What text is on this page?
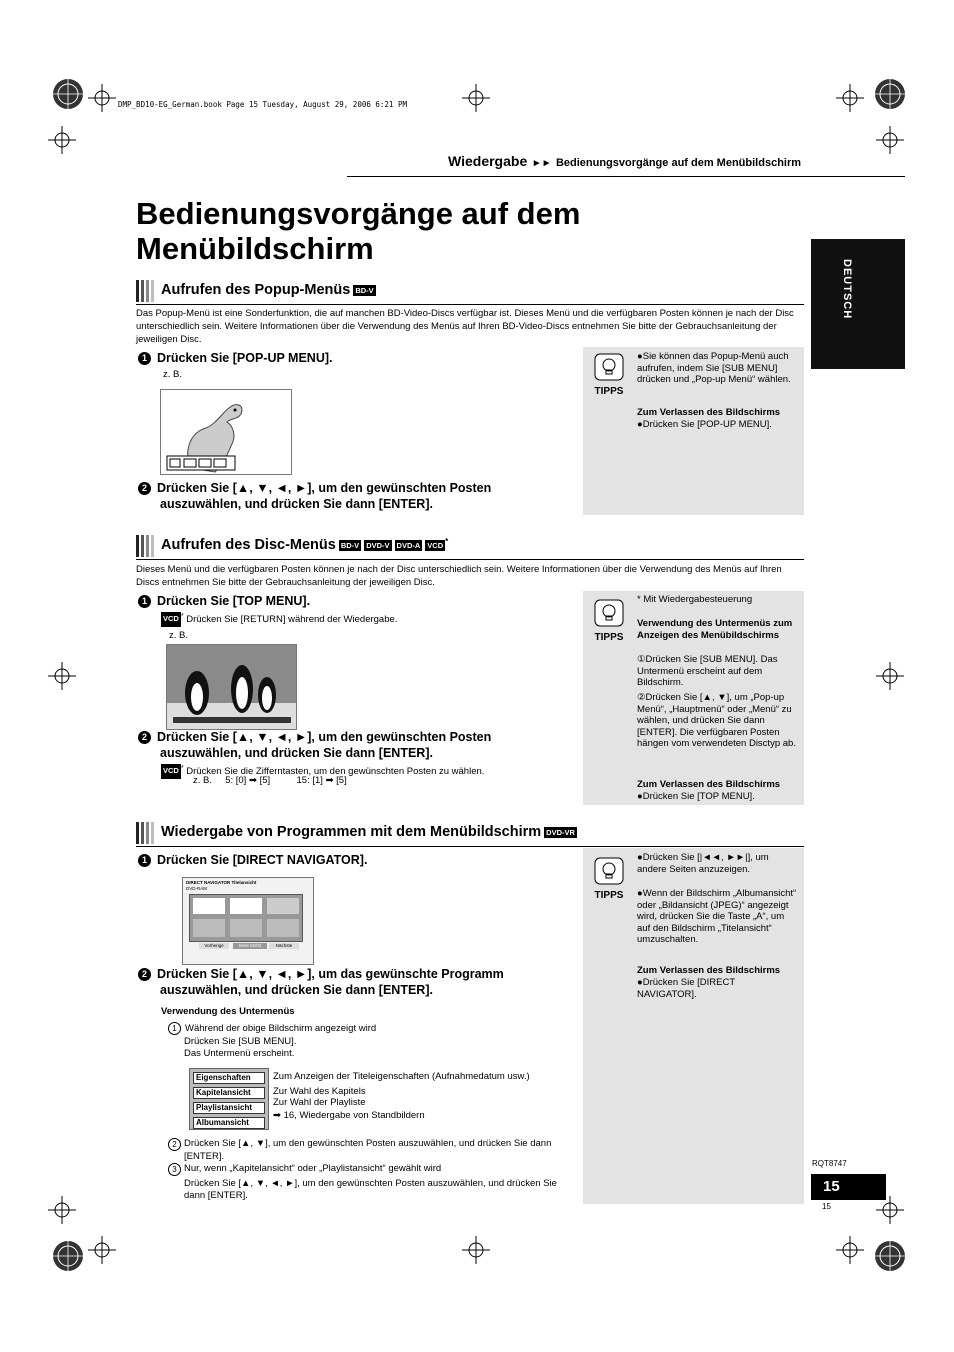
DMP_BD10-EG_German.book Page 15 Tuesday, August 29, 2006 6:21 PM
Wiedergabe ►► Bedienungsvorgänge auf dem Menübildschirm
Bedienungsvorgänge auf dem
Menübildschirm
DEUTSCH
Aufrufen des Popup-Menüs BD-V
Das Popup-Menü ist eine Sonderfunktion, die auf manchen BD-Video-Discs verfügbar ist. Dieses Menü und die verfügbaren Posten können je nach der Disc unterschiedlich sein. Weitere Informationen über die Verwendung des Menüs auf Ihren BD-Video-Discs entnehmen Sie bitte der Gebrauchsanleitung der jeweiligen Disc.
1 Drücken Sie [POP-UP MENU].
z. B.
2 Drücken Sie [▲, ▼, ◄, ►], um den gewünschten Posten
auszuwählen, und drücken Sie dann [ENTER].
TIPPS
●Sie können das Popup-Menü auch aufrufen, indem Sie [SUB MENU] drücken und „Pop-up Menü“ wählen.
Zum Verlassen des Bildschirms
●Drücken Sie [POP-UP MENU].
Aufrufen des Disc-Menüs BD-V DVD-V DVD-A VCD *
Dieses Menü und die verfügbaren Posten können je nach der Disc unterschiedlich sein. Weitere Informationen über die Verwendung des Menüs auf Ihren Discs entnehmen Sie bitte der Gebrauchsanleitung der jeweiligen Disc.
1 Drücken Sie [TOP MENU].
VCD * Drücken Sie [RETURN] während der Wiedergabe.
z. B.
2 Drücken Sie [▲, ▼, ◄, ►], um den gewünschten Posten
auszuwählen, und drücken Sie dann [ENTER].
VCD * Drücken Sie die Zifferntasten, um den gewünschten Posten zu wählen.
z. B.     5: [0] ➡ [5]          15: [1] ➡ [5]
TIPPS
* Mit Wiedergabesteuerung
Verwendung des Untermenüs zum Anzeigen des Menübildschirms
①Drücken Sie [SUB MENU]. Das Untermenü erscheint auf dem Bildschirm.
②Drücken Sie [▲, ▼], um „Pop-up Menü“, „Hauptmenü“ oder „Menü“ zu wählen, und drücken Sie dann [ENTER]. Die verfügbaren Posten hängen vom verwendeten Disctyp ab.
Zum Verlassen des Bildschirms
●Drücken Sie [TOP MENU].
Wiedergabe von Programmen mit dem Menübildschirm DVD-VR
1 Drücken Sie [DIRECT NAVIGATOR].
DIRECT NAVIGATOR Titelansicht
DVD-RAM
Vorherige	Seite 02/02	Nächste
2 Drücken Sie [▲, ▼, ◄, ►], um das gewünschte Programm
auszuwählen, und drücken Sie dann [ENTER].
Verwendung des Untermenüs
1 Während der obige Bildschirm angezeigt wird
Drücken Sie [SUB MENU].
Das Untermenü erscheint.
Eigenschaften
Kapitelansicht
Playlistansicht
Albumansicht
Zum Anzeigen der Titeleigenschaften (Aufnahmedatum usw.)
Zur Wahl des Kapitels
Zur Wahl der Playliste
➡ 16, Wiedergabe von Standbildern
2 Drücken Sie [▲, ▼], um den gewünschten Posten auszuwählen, und drücken Sie dann [ENTER].
3 Nur, wenn „Kapitelansicht“ oder „Playlistansicht“ gewählt wird
Drücken Sie [▲, ▼, ◄, ►], um den gewünschten Posten auszuwählen, und drücken Sie dann [ENTER].
TIPPS
●Drücken Sie [|◄◄, ►►|], um andere Seiten anzuzeigen.
●Wenn der Bildschirm „Albumansicht“ oder „Bildansicht (JPEG)“ angezeigt wird, drücken Sie die Taste „A“, um auf den Bildschirm „Titelansicht“ umzuschalten.
Zum Verlassen des Bildschirms
●Drücken Sie [DIRECT NAVIGATOR].
RQT8747
15
15
